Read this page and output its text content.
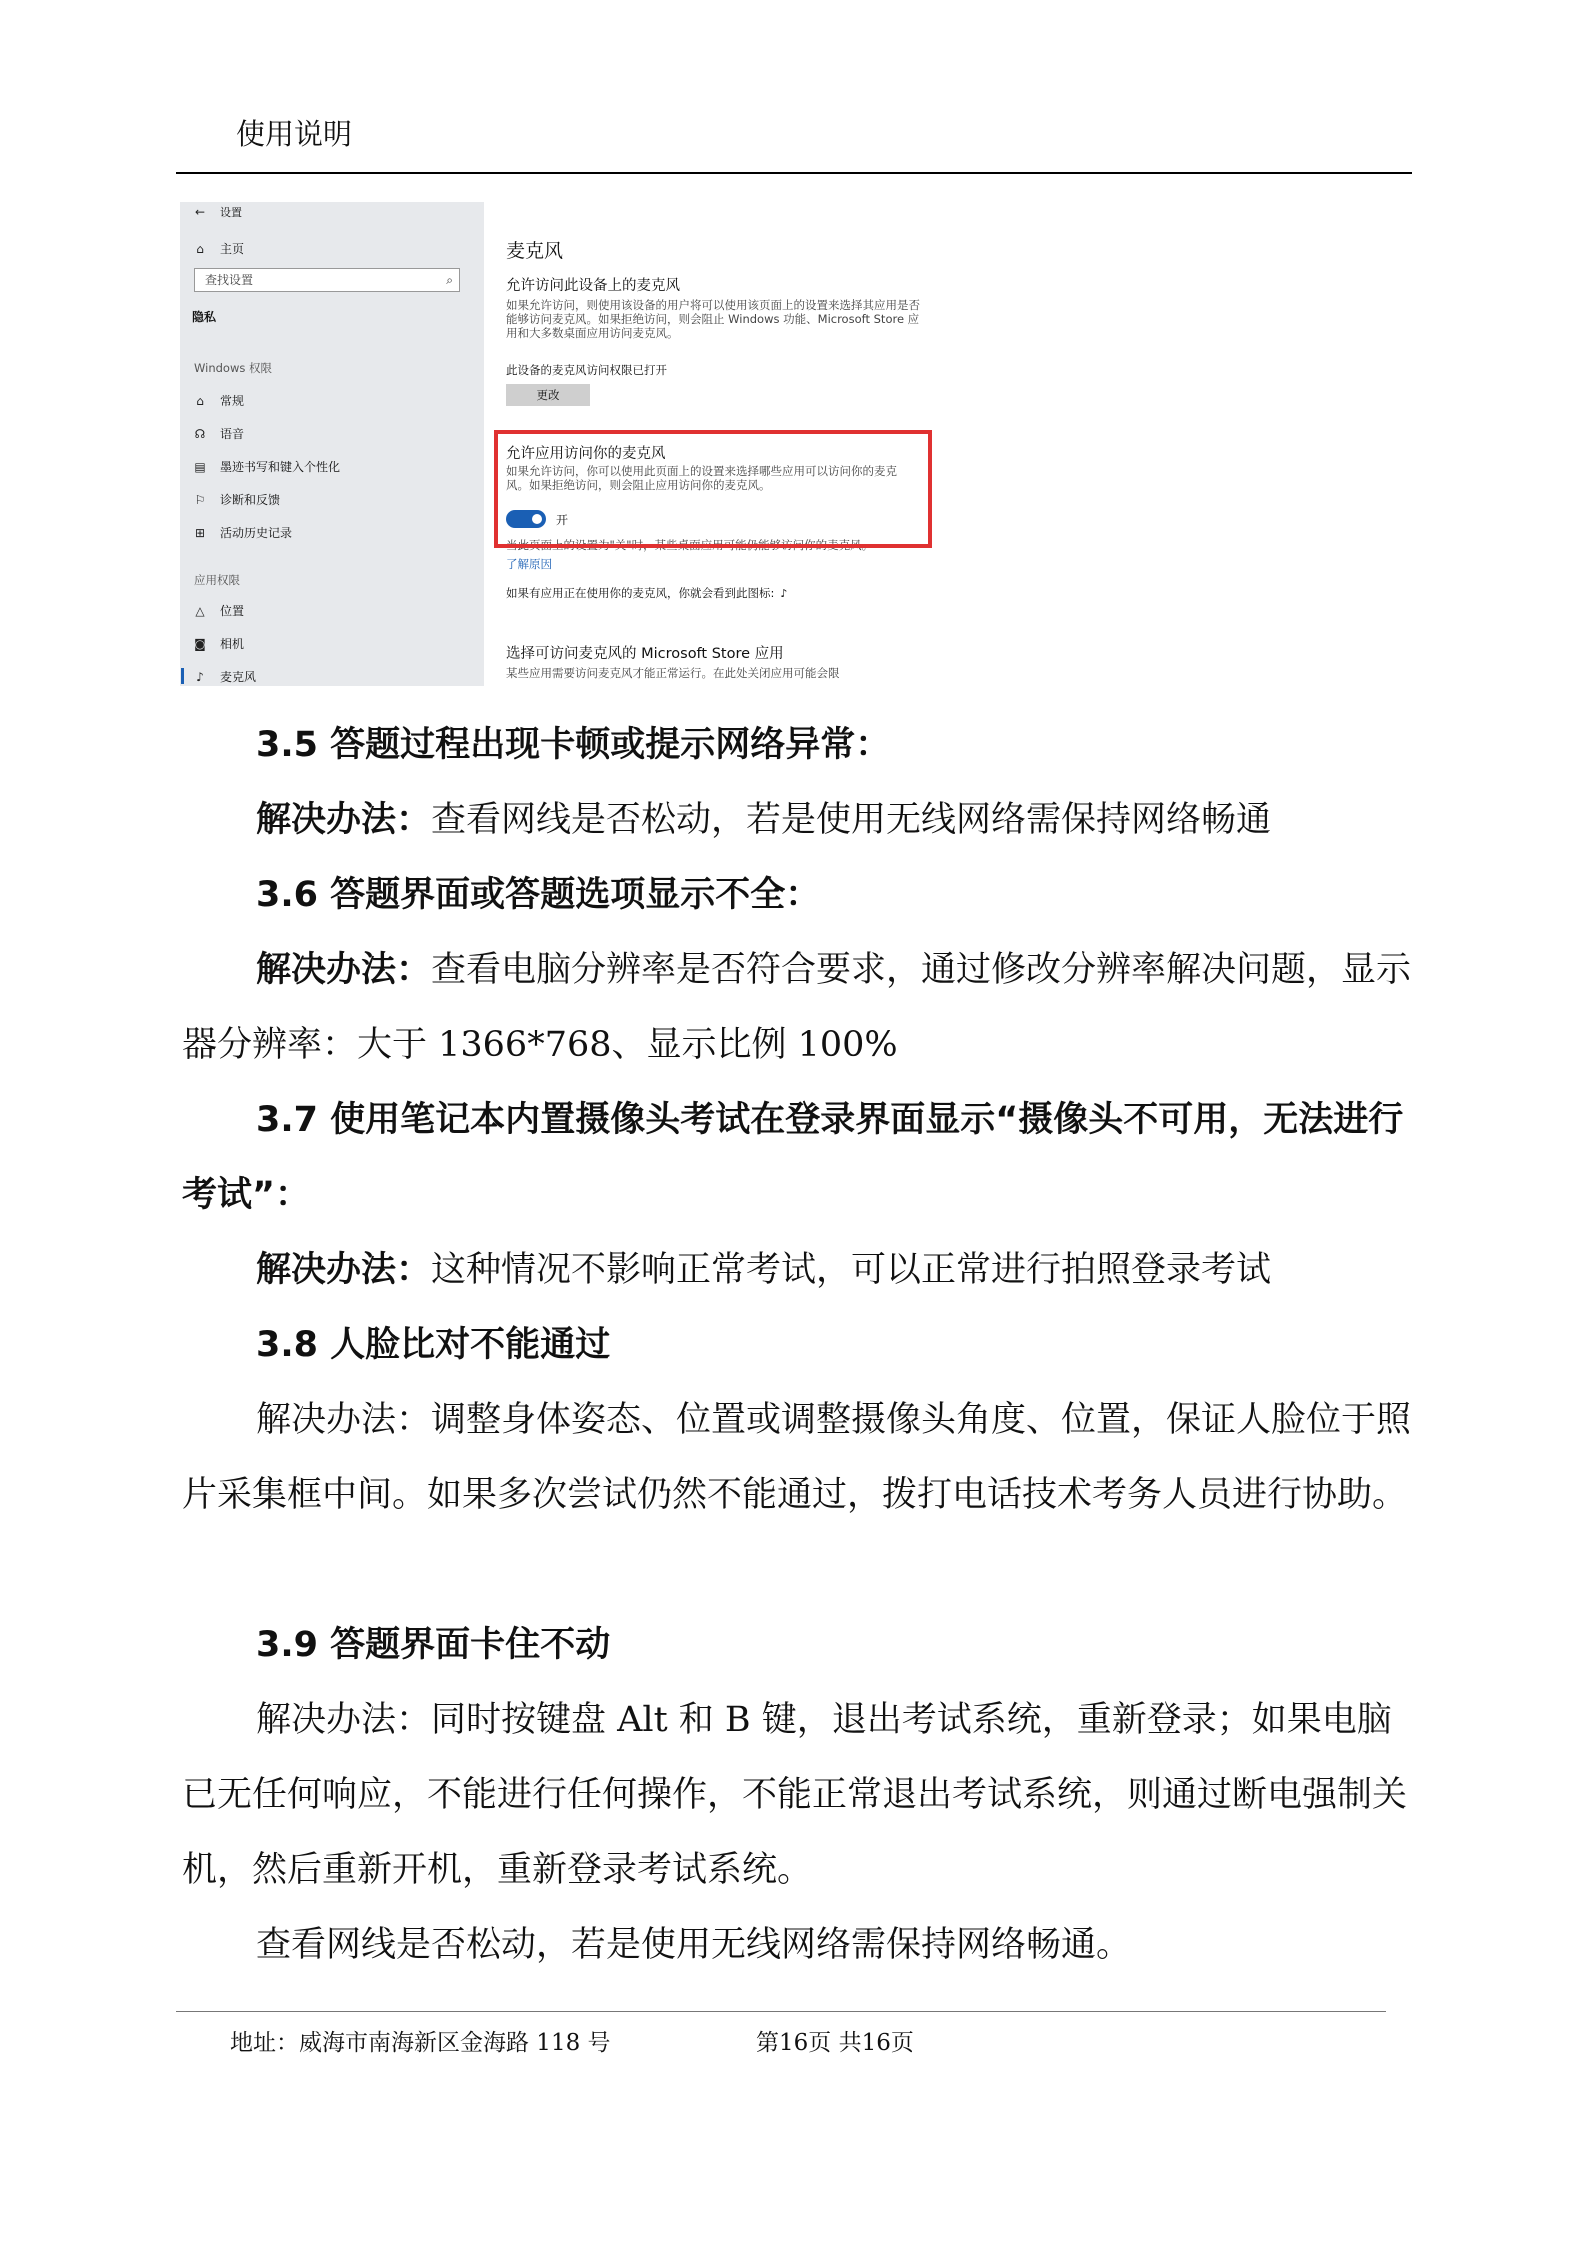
使用说明
← 设置
⌂	主页
查找设置	⌕
隐私
Windows 权限
⌂	常规
☊ 语音
▤ 墨迹书写和键入个性化
⚐ 诊断和反馈
⊞ 活动历史记录
应用权限
△ 位置
◙ 相机
♪	麦克风
麦克风
允许访问此设备上的麦克风
如果允许访问，则使用该设备的用户将可以使用该页面上的设置来选择其应用是否能够访问麦克风。如果拒绝访问，则会阻止 Windows 功能、Microsoft Store 应用和大多数桌面应用访问麦克风。
此设备的麦克风访问权限已打开
更改
允许应用访问你的麦克风
如果允许访问，你可以使用此页面上的设置来选择哪些应用可以访问你的麦克风。如果拒绝访问，则会阻止应用访问你的麦克风。
开
当此页面上的设置为"关"时，某些桌面应用可能仍能够访问你的麦克风。
了解原因
如果有应用正在使用你的麦克风，你就会看到此图标: ♪
选择可访问麦克风的 Microsoft Store 应用
某些应用需要访问麦克风才能正常运行。在此处关闭应用可能会限
3.5 答题过程出现卡顿或提示网络异常：
解决办法：查看网线是否松动，若是使用无线网络需保持网络畅通
3.6 答题界面或答题选项显示不全：
解决办法：查看电脑分辨率是否符合要求，通过修改分辨率解决问题，显示器分辨率：大于 1366*768、显示比例 100%
3.7 使用笔记本内置摄像头考试在登录界面显示“摄像头不可用，无法进行考试”：
解决办法：这种情况不影响正常考试，可以正常进行拍照登录考试
3.8 人脸比对不能通过
解决办法：调整身体姿态、位置或调整摄像头角度、位置，保证人脸位于照片采集框中间。如果多次尝试仍然不能通过，拨打电话技术考务人员进行协助。
3.9 答题界面卡住不动
解决办法：同时按键盘 Alt 和 B 键，退出考试系统，重新登录；如果电脑已无任何响应，不能进行任何操作，不能正常退出考试系统，则通过断电强制关机，然后重新开机，重新登录考试系统。
查看网线是否松动，若是使用无线网络需保持网络畅通。
地址：威海市南海新区金海路 118 号	第16页 共16页
